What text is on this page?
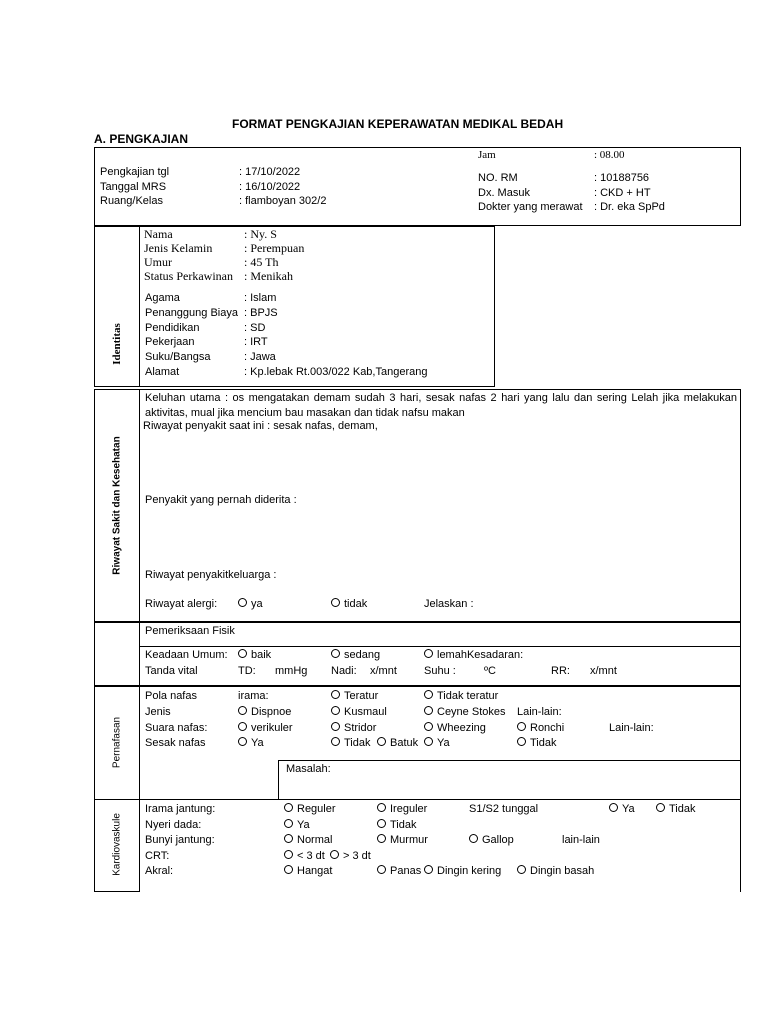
FORMAT PENGKAJIAN KEPERAWATAN MEDIKAL BEDAH
A. PENGKAJIAN
Pengkajian tgl	: 17/10/2022
Tanggal MRS	: 16/10/2022
Ruang/Kelas	: flamboyan 302/2
Jam	: 08.00
NO. RM	: 10188756
Dx. Masuk	: CKD + HT
Dokter yang merawat : Dr. eka SpPd
Identitas
Nama	: Ny. S
Jenis Kelamin	: Perempuan
Umur	: 45 Th
Status Perkawinan : Menikah
Agama	: Islam
Penanggung Biaya : BPJS
Pendidikan	: SD
Pekerjaan	: IRT
Suku/Bangsa	: Jawa
Alamat	: Kp.lebak Rt.003/022 Kab,Tangerang
Riwayat Sakit dan Kesehatan
Keluhan utama : os mengatakan demam sudah 3 hari, sesak nafas 2 hari yang lalu dan sering Lelah jika melakukan aktivitas, mual jika mencium bau masakan dan tidak nafsu makan
Riwayat penyakit saat ini : sesak nafas, demam,
Penyakit yang pernah diderita :
Riwayat penyakitkeluarga :
Riwayat alergi:	ya	tidak	Jelaskan :
Pemeriksaan Fisik
Keadaan Umum:	baik	sedang	lemahKesadaran:
Tanda vital	TD: mmHg Nadi: x/mnt Suhu :	ºC	RR: x/mnt
Pernafasan
Pola nafas	irama:	Teratur	Tidak teratur
Jenis	Dispnoe	Kusmaul	Ceyne Stokes Lain-lain:
Suara nafas:	verikuler	Stridor	Wheezing	Ronchi	Lain-lain:
Sesak nafas	Ya	Tidak	Batuk	Ya	Tidak
Masalah:
Kardiovaskule
Irama jantung:	Reguler	Ireguler	S1/S2 tunggal	Ya	Tidak
Nyeri dada:	Ya	Tidak
Bunyi jantung:	Normal	Murmur	Gallop	lain-lain
CRT:	< 3 dt	> 3 dt
Akral:	Hangat	Panas	Dingin kering	Dingin basah
